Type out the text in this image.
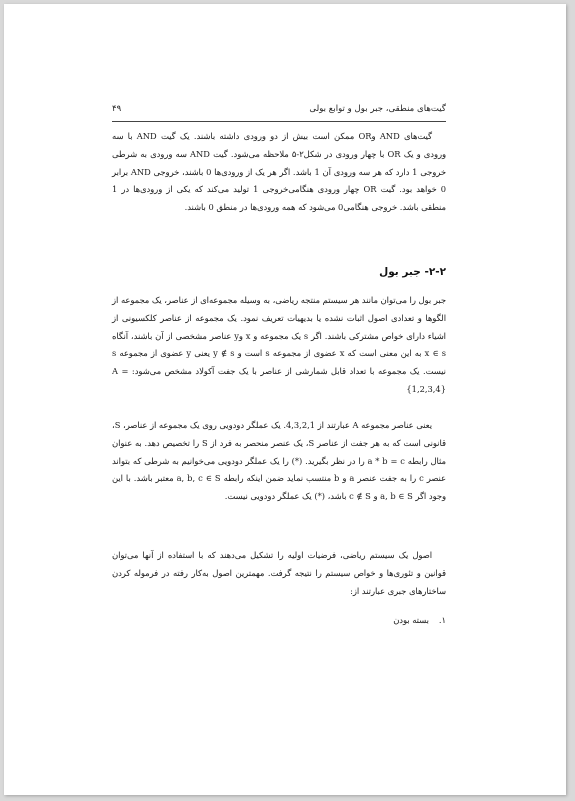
گیت‌های منطقی، جبر بول و توابع بولی
۴۹

گیت‌های AND وOR ممکن است بیش از دو ورودی داشته باشند. یک گیت AND با سه ورودی و یک OR با چهار ورودی در شکل۲-۵ ملاحظه می‌شود. گیت AND سه ورودی به شرطی خروجی 1 دارد که هر سه ورودی آن 1 باشد. اگر هر یک از ورودی‌ها 0 باشند، خروجی AND برابر 0 خواهد بود. گیت OR چهار ورودی هنگامی‌خروجی 1 تولید می‌کند که یکی از ورودی‌ها در 1 منطقی باشد. خروجی هنگامی0 می‌شود که همه ورودی‌ها در منطق 0 باشند.

۲-۲- جبر بول

جبر بول را می‌توان مانند هر سیستم منتجه ریاضی، به وسیله مجموعه‌ای از عناصر، یک مجموعه از الگوها و تعدادی اصول اثبات نشده یا بدیهیات تعریف نمود. یک مجموعه از عناصر کلکسیونی از اشیاء دارای خواص مشترکی باشند. اگر s یک مجموعه و x وy عناصر مشخصی از آن باشند، آنگاه x ∈ s به این معنی است که x عضوی از مجموعه s است و y ∉ s یعنی y عضوی از مجموعه s نیست. یک مجموعه با تعداد قابل شمارشی از عناصر با یک جفت آکولاد مشخص می‌شود: A = {1,2,3,4}

یعنی عناصر مجموعه A عبارتند از 4,3,2,1. یک عملگر دودویی روی یک مجموعه از عناصر، S، قانونی است که به هر جفت از عناصر S، یک عنصر منحصر به فرد از S را تخصیص دهد. به عنوان مثال رابطه a * b = c را در نظر بگیرید. (*) را یک عملگر دودویی می‌خوانیم به شرطی که بتواند عنصر c را به جفت عنصر a و b منتسب نماید ضمن اینکه رابطه a, b, c ∈ S معتبر باشد. با این وجود اگر a, b ∈ S و c ∉ S باشد، (*) یک عملگر دودویی نیست.

اصول یک سیستم ریاضی، فرضیات اولیه را تشکیل می‌دهند که با استفاده از آنها می‌توان قوانین و تئوری‌ها و خواص سیستم را نتیجه گرفت. مهمترین اصول به‌کار رفته در فرموله کردن ساختارهای جبری عبارتند از:

۱.بسته بودن
